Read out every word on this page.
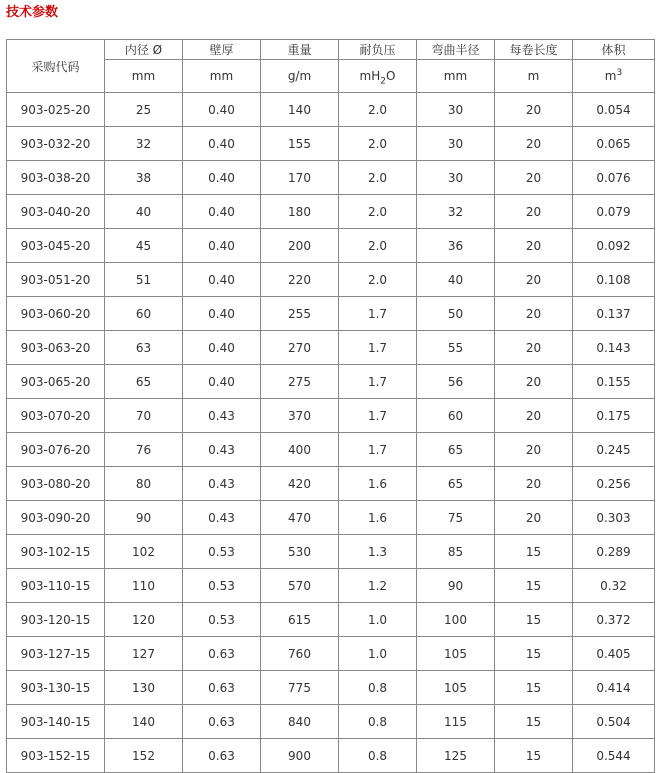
技术参数
采购代码	内径 Ø	壁厚	重量	耐负压	弯曲半径	每卷长度	体积
	mm	mm	g/m	$mH_2O$	mm	m	$m^3$
903-025-20	25	0.40	140	2.0	30	20	0.054
903-032-20	32	0.40	155	2.0	30	20	0.065
903-038-20	38	0.40	170	2.0	30	20	0.076
903-040-20	40	0.40	180	2.0	32	20	0.079
903-045-20	45	0.40	200	2.0	36	20	0.092
903-051-20	51	0.40	220	2.0	40	20	0.108
903-060-20	60	0.40	255	1.7	50	20	0.137
903-063-20	63	0.40	270	1.7	55	20	0.143
903-065-20	65	0.40	275	1.7	56	20	0.155
903-070-20	70	0.43	370	1.7	60	20	0.175
903-076-20	76	0.43	400	1.7	65	20	0.245
903-080-20	80	0.43	420	1.6	65	20	0.256
903-090-20	90	0.43	470	1.6	75	20	0.303
903-102-15	102	0.53	530	1.3	85	15	0.289
903-110-15	110	0.53	570	1.2	90	15	0.32
903-120-15	120	0.53	615	1.0	100	15	0.372
903-127-15	127	0.63	760	1.0	105	15	0.405
903-130-15	130	0.63	775	0.8	105	15	0.414
903-140-15	140	0.63	840	0.8	115	15	0.504
903-152-15	152	0.63	900	0.8	125	15	0.544
